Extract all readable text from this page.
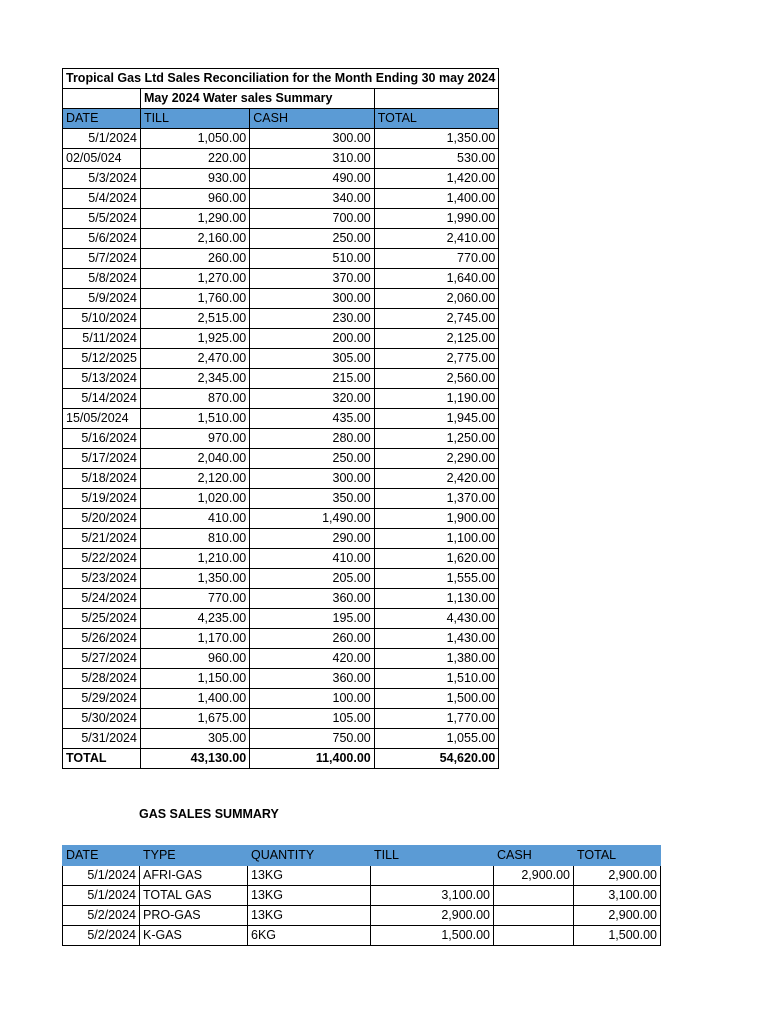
Tropical Gas Ltd Sales Reconciliation for the Month Ending 30 may 2024			
	May 2024 Water sales Summary		
DATE	TILL	CASH	TOTAL
5/1/2024	1,050.00	300.00	1,350.00
02/05/024	220.00	310.00	530.00
5/3/2024	930.00	490.00	1,420.00
5/4/2024	960.00	340.00	1,400.00
5/5/2024	1,290.00	700.00	1,990.00
5/6/2024	2,160.00	250.00	2,410.00
5/7/2024	260.00	510.00	770.00
5/8/2024	1,270.00	370.00	1,640.00
5/9/2024	1,760.00	300.00	2,060.00
5/10/2024	2,515.00	230.00	2,745.00
5/11/2024	1,925.00	200.00	2,125.00
5/12/2025	2,470.00	305.00	2,775.00
5/13/2024	2,345.00	215.00	2,560.00
5/14/2024	870.00	320.00	1,190.00
15/05/2024	1,510.00	435.00	1,945.00
5/16/2024	970.00	280.00	1,250.00
5/17/2024	2,040.00	250.00	2,290.00
5/18/2024	2,120.00	300.00	2,420.00
5/19/2024	1,020.00	350.00	1,370.00
5/20/2024	410.00	1,490.00	1,900.00
5/21/2024	810.00	290.00	1,100.00
5/22/2024	1,210.00	410.00	1,620.00
5/23/2024	1,350.00	205.00	1,555.00
5/24/2024	770.00	360.00	1,130.00
5/25/2024	4,235.00	195.00	4,430.00
5/26/2024	1,170.00	260.00	1,430.00
5/27/2024	960.00	420.00	1,380.00
5/28/2024	1,150.00	360.00	1,510.00
5/29/2024	1,400.00	100.00	1,500.00
5/30/2024	1,675.00	105.00	1,770.00
5/31/2024	305.00	750.00	1,055.00
TOTAL	43,130.00	11,400.00	54,620.00
GAS SALES SUMMARY
DATE	TYPE	QUANTITY	TILL	CASH	TOTAL
5/1/2024	AFRI-GAS	13KG		2,900.00	2,900.00
5/1/2024	TOTAL GAS	13KG	3,100.00		3,100.00
5/2/2024	PRO-GAS	13KG	2,900.00		2,900.00
5/2/2024	K-GAS	6KG	1,500.00		1,500.00
